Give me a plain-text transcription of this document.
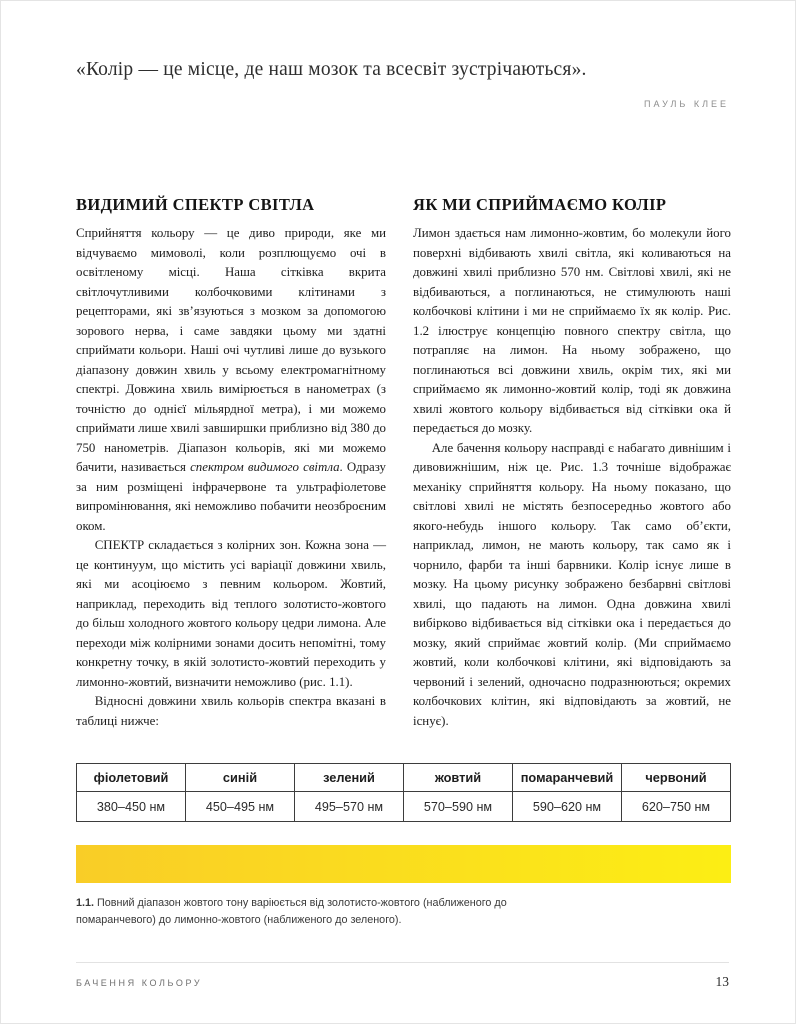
«Колір — це місце, де наш мозок та всесвіт зустрічаються».
ПАУЛЬ КЛЕЕ
ВИДИМИЙ СПЕКТР СВІТЛА

Сприйняття кольору — це диво природи, яке ми відчуваємо мимоволі, коли розплющуємо очі в освітленому місці. Наша сітківка вкрита світлочутливими колбочковими клітинами з рецепторами, які зв’язуються з мозком за допомогою зорового нерва, і саме завдяки цьому ми здатні сприймати кольори. Наші очі чутливі лише до вузького діапазону довжин хвиль у всьому електромагнітному спектрі. Довжина хвиль вимірюється в нанометрах (з точністю до однієї мільярдної метра), і ми можемо сприймати лише хвилі завширшки приблизно від 380 до 750 нанометрів. Діапазон кольорів, які ми можемо бачити, називається спектром видимого світла. Одразу за ним розміщені інфрачервоне та ультрафіолетове випромінювання, які неможливо побачити неозброєним оком.

СПЕКТР складається з колірних зон. Кожна зона — це континуум, що містить усі варіації довжини хвиль, які ми асоціюємо з певним кольором. Жовтий, наприклад, переходить від теплого золотисто-жовтого до більш холодного жовтого кольору цедри лимона. Але переходи між колірними зонами досить непомітні, тому конкретну точку, в якій золотисто-жовтий переходить у лимонно-жовтий, визначити неможливо (рис. 1.1).

Відносні довжини хвиль кольорів спектра вказані в таблиці нижче:

ЯК МИ СПРИЙМАЄМО КОЛІР

Лимон здається нам лимонно-жовтим, бо молекули його поверхні відбивають хвилі світла, які коливаються на довжині хвилі приблизно 570 нм. Світлові хвилі, які не відбиваються, а поглинаються, не стимулюють наші колбочкові клітини і ми не сприймаємо їх як колір. Рис. 1.2 ілюструє концепцію повного спектру світла, що потрапляє на лимон. На ньому зображено, що поглинаються всі довжини хвиль, окрім тих, які ми сприймаємо як лимонно-жовтий колір, тоді як довжина хвилі жовтого кольору відбивається від сітківки ока й передається до мозку.

Але бачення кольору насправді є набагато дивнішим і дивовижнішим, ніж це. Рис. 1.3 точніше відображає механіку сприйняття кольору. На ньому показано, що світлові хвилі не містять безпосередньо жовтого або якого-небудь іншого кольору. Так само об’єкти, наприклад, лимон, не мають кольору, так само як і чорнило, фарби та інші барвники. Колір існує лише в мозку. На цьому рисунку зображено безбарвні світлові хвилі, що падають на лимон. Одна довжина хвилі вибірково відбивається від сітківки ока і передається до мозку, який сприймає жовтий колір. (Ми сприймаємо жовтий, коли колбочкові клітини, які відповідають за червоний і зелений, одночасно подразнюються; окремих колбочкових клітин, які відповідають за жовтий, не існує).

фіолетовий	синій	зелений	жовтий	помаранчевий	червоний
380–450 нм	450–495 нм	495–570 нм	570–590 нм	590–620 нм	620–750 нм
1.1. Повний діапазон жовтого тону варіюється від золотисто-жовтого (наближеного до помаранчевого) до лимонно-жовтого (наближеного до зеленого).
БАЧЕННЯ КОЛЬОРУ	13
